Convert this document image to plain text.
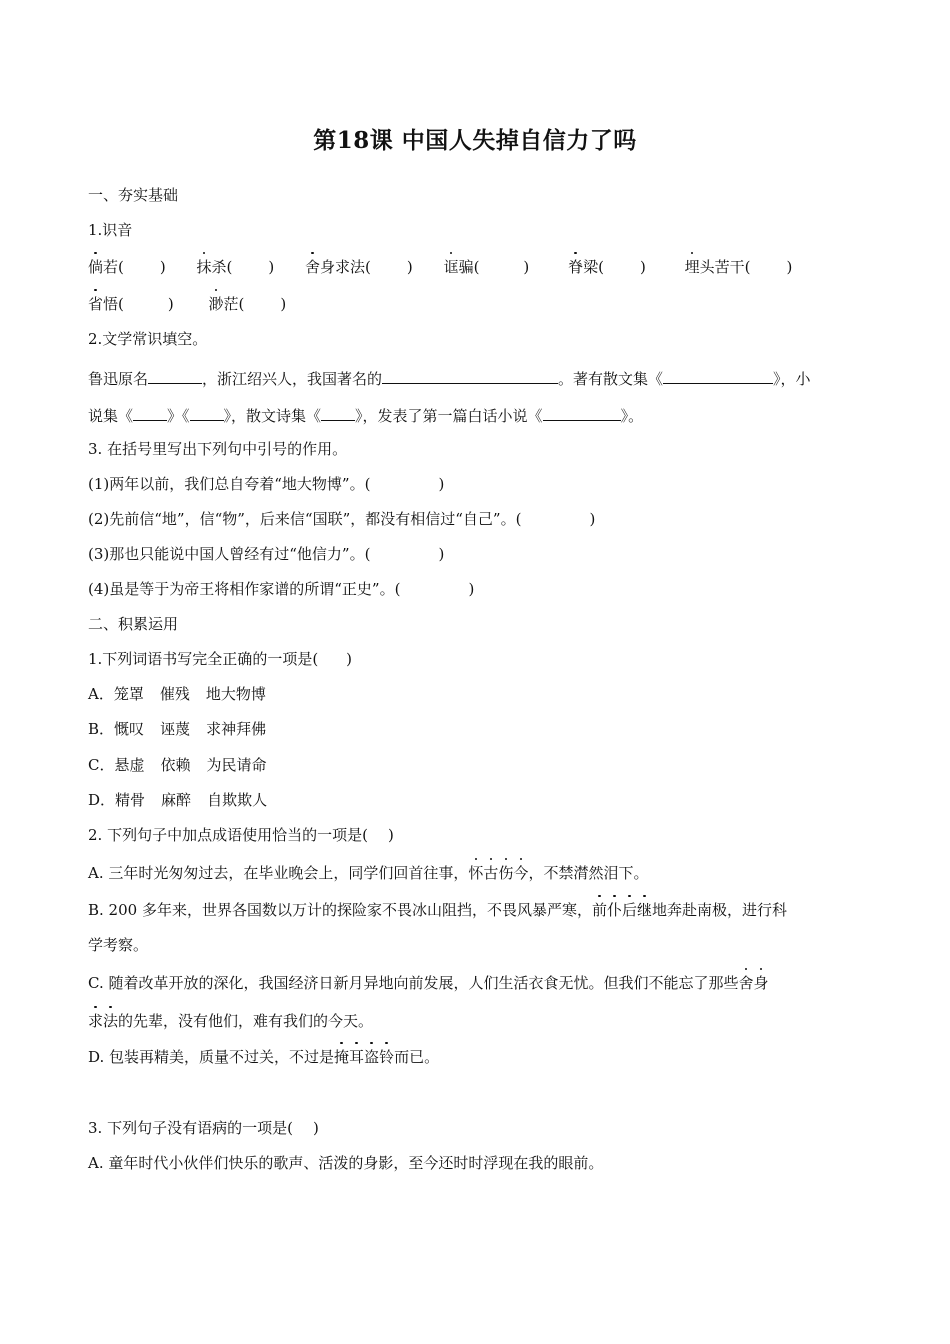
第18课 中国人失掉自信力了吗
一、夯实基础
1.识音
倘若( ) 抹杀( ) 舍身求法( ) 诓骗(	)	脊梁( )	埋头苦干( )
省悟(	) 渺茫( )
2.文学常识填空。
鲁迅原名	，浙江绍兴人，我国著名的	。著有散文集《	》，小
说集《 》《 》，散文诗集《 》，发表了第一篇白话小说《	》。
3. 在括号里写出下列句中引号的作用。
(1)两年以前，我们总自夸着“地大物博”。(	)
(2)先前信“地”，信“物”，后来信“国联”，都没有相信过“自己”。(	)
(3)那也只能说中国人曾经有过“他信力”。(	)
(4)虽是等于为帝王将相作家谱的所谓“正史”。(	)
二、积累运用
1.下列词语书写完全正确的一项是( )
A．笼罩 催残 地大物博
B．慨叹 诬蔑 求神拜佛
C．悬虚 依赖 为民请命
D．精骨 麻醉 自欺欺人
2. 下列句子中加点成语使用恰当的一项是( )
A. 三年时光匆匆过去，在毕业晚会上，同学们回首往事，怀古伤今，不禁潸然泪下。
B. 200 多年来，世界各国数以万计的探险家不畏冰山阻挡，不畏风暴严寒，前仆后继地奔赴南极，进行科
学考察。
C. 随着改革开放的深化，我国经济日新月异地向前发展，人们生活衣食无忧。但我们不能忘了那些舍身
求法的先辈，没有他们，难有我们的今天。
D. 包装再精美，质量不过关，不过是掩耳盗铃而已。
3. 下列句子没有语病的一项是( )
A. 童年时代小伙伴们快乐的歌声、活泼的身影，至今还时时浮现在我的眼前。
